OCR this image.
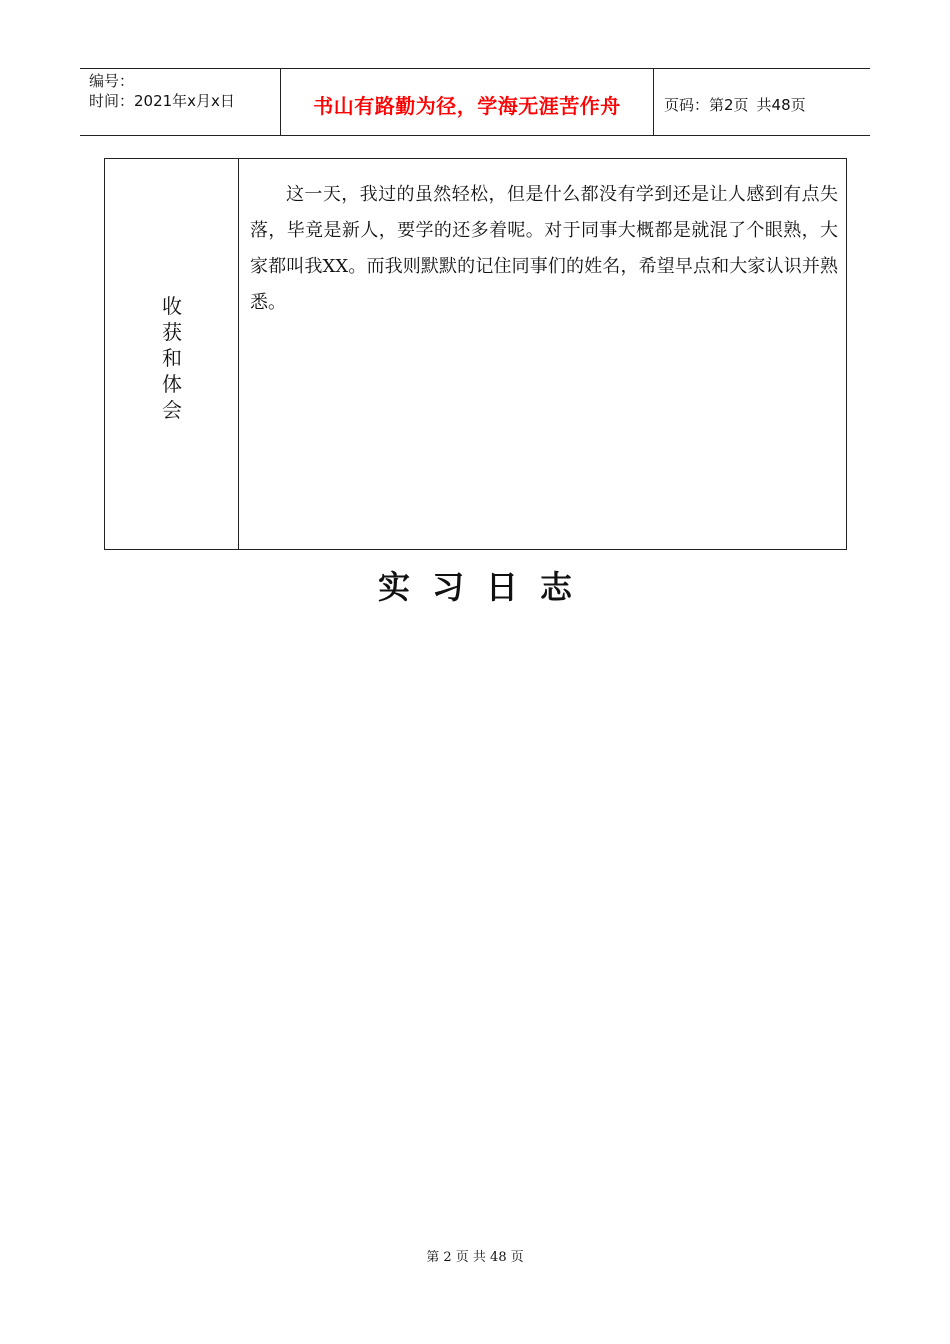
编号：
时间：2021年x月x日	书山有路勤为径，学海无涯苦作舟	页码：第2页 共48页
收
获
和
体
会
这一天，我过的虽然轻松，但是什么都没有学到还是让人感到有点失落，毕竟是新人，要学的还多着呢。对于同事大概都是就混了个眼熟，大家都叫我XX。而我则默默的记住同事们的姓名，希望早点和大家认识并熟悉。
实习日志
第 2 页 共 48 页
